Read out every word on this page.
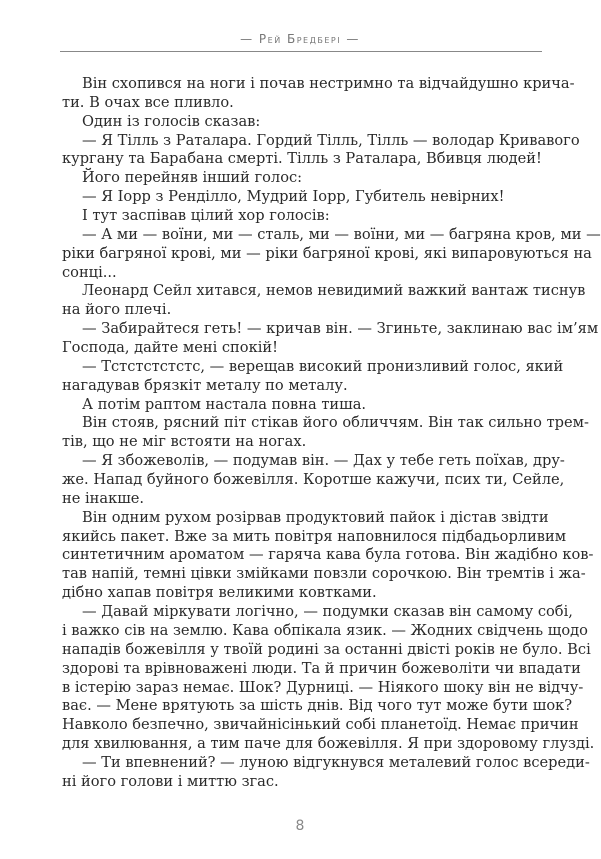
— Рей Бредбері —
Він схопився на ноги і почав нестримно та відчайдушно крича-
ти. В очах все пливло.
Один із голосів сказав:
— Я Тілль з Раталара. Гордий Тілль, Тілль — володар Кривавого
кургану та Барабана смерті. Тілль з Раталара, Вбивця людей!
Його перейняв інший голос:
— Я Іорр з Ренділло, Мудрий Іорр, Губитель невірних!
І тут заспівав цілий хор голосів:
— А ми — воїни, ми — сталь, ми — воїни, ми — багряна кров, ми —
ріки багряної крові, ми — ріки багряної крові, які випаровуються на
сонці...
Леонард Сейл хитався, немов невидимий важкий вантаж тиснув
на його плечі.
— Забирайтеся геть! — кричав він. — Згиньте, заклинаю вас ім’ям
Господа, дайте мені спокій!
— Тстстстстстс, — верещав високий пронизливий голос, який
нагадував брязкіт металу по металу.
А потім раптом настала повна тиша.
Він стояв, рясний піт стікав його обличчям. Він так сильно трем-
тів, що не міг встояти на ногах.
— Я збожеволів, — подумав він. — Дах у тебе геть поїхав, дру-
же. Напад буйного божевілля. Коротше кажучи, псих ти, Сейле,
не інакше.
Він одним рухом розірвав продуктовий пайок і дістав звідти
якийсь пакет. Вже за мить повітря наповнилося підбадьорливим
синтетичним ароматом — гаряча кава була готова. Він жадібно ков-
тав напій, темні цівки змійками повзли сорочкою. Він тремтів і жа-
дібно хапав повітря великими ковтками.
— Давай міркувати логічно, — подумки сказав він самому собі,
і важко сів на землю. Кава обпікала язик. — Жодних свідчень щодо
нападів божевілля у твоїй родині за останні двісті років не було. Всі
здорові та врівноважені люди. Та й причин божеволіти чи впадати
в істерію зараз немає. Шок? Дурниці. — Ніякого шоку він не відчу-
ває. — Мене врятують за шість днів. Від чого тут може бути шок?
Навколо безпечно, звичайнісінький собі планетоїд. Немає причин
для хвилювання, а тим паче для божевілля. Я при здоровому глузді.
— Ти впевнений? — луною відгукнувся металевий голос всереди-
ні його голови і миттю згас.
8
